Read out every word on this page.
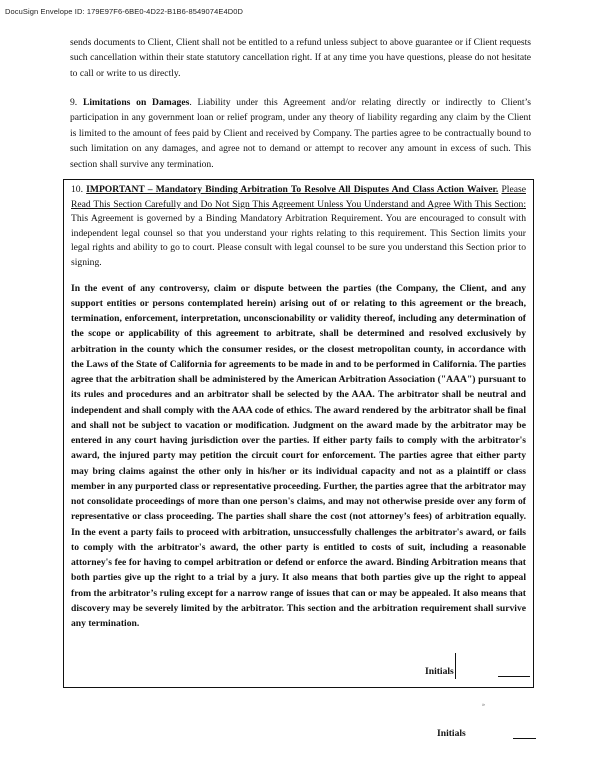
DocuSign Envelope ID: 179E97F6-6BE0-4D22-B1B6-8549074E4D0D
sends documents to Client, Client shall not be entitled to a refund unless subject to above guarantee or if Client requests such cancellation within their state statutory cancellation right. If at any time you have questions, please do not hesitate to call or write to us directly.
9. Limitations on Damages. Liability under this Agreement and/or relating directly or indirectly to Client’s participation in any government loan or relief program, under any theory of liability regarding any claim by the Client is limited to the amount of fees paid by Client and received by Company. The parties agree to be contractually bound to such limitation on any damages, and agree not to demand or attempt to recover any amount in excess of such. This section shall survive any termination.

10. IMPORTANT – Mandatory Binding Arbitration To Resolve All Disputes And Class Action Waiver. Please Read This Section Carefully and Do Not Sign This Agreement Unless You Understand and Agree With This Section: This Agreement is governed by a Binding Mandatory Arbitration Requirement. You are encouraged to consult with independent legal counsel so that you understand your rights relating to this requirement. This Section limits your legal rights and ability to go to court. Please consult with legal counsel to be sure you understand this Section prior to signing.

In the event of any controversy, claim or dispute between the parties (the Company, the Client, and any support entities or persons contemplated herein) arising out of or relating to this agreement or the breach, termination, enforcement, interpretation, unconscionability or validity thereof, including any determination of the scope or applicability of this agreement to arbitrate, shall be determined and resolved exclusively by arbitration in the county which the consumer resides, or the closest metropolitan county, in accordance with the Laws of the State of California for agreements to be made in and to be performed in California. The parties agree that the arbitration shall be administered by the American Arbitration Association ("AAA") pursuant to its rules and procedures and an arbitrator shall be selected by the AAA. The arbitrator shall be neutral and independent and shall comply with the AAA code of ethics. The award rendered by the arbitrator shall be final and shall not be subject to vacation or modification. Judgment on the award made by the arbitrator may be entered in any court having jurisdiction over the parties. If either party fails to comply with the arbitrator's award, the injured party may petition the circuit court for enforcement. The parties agree that either party may bring claims against the other only in his/her or its individual capacity and not as a plaintiff or class member in any purported class or representative proceeding. Further, the parties agree that the arbitrator may not consolidate proceedings of more than one person's claims, and may not otherwise preside over any form of representative or class proceeding. The parties shall share the cost (not attorney’s fees) of arbitration equally. In the event a party fails to proceed with arbitration, unsuccessfully challenges the arbitrator's award, or fails to comply with the arbitrator's award, the other party is entitled to costs of suit, including a reasonable attorney's fee for having to compel arbitration or defend or enforce the award. Binding Arbitration means that both parties give up the right to a trial by a jury. It also means that both parties give up the right to appeal from the arbitrator’s ruling except for a narrow range of issues that can or may be appealed. It also means that discovery may be severely limited by the arbitrator. This section and the arbitration requirement shall survive any termination.

Initials
»
Initials
